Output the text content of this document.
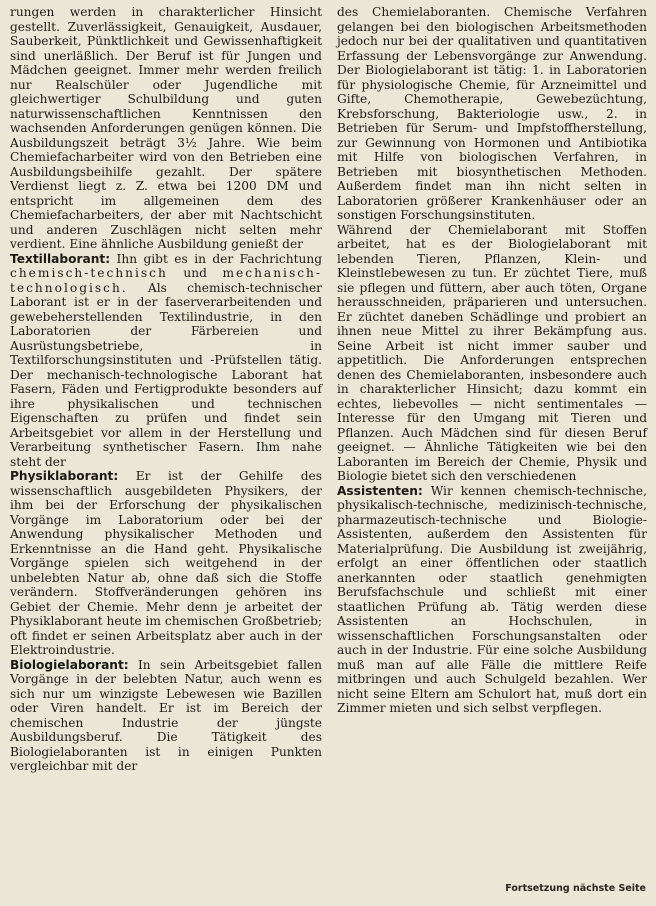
rungen werden in charakterlicher Hinsicht gestellt. Zuverlässigkeit, Genauigkeit, Ausdauer, Sauberkeit, Pünktlichkeit und Gewissenhaftigkeit sind unerläßlich. Der Beruf ist für Jungen und Mädchen geeignet. Immer mehr werden freilich nur Realschüler oder Jugendliche mit gleichwertiger Schulbildung und guten naturwissenschaftlichen Kenntnissen den wachsenden Anforderungen genügen können. Die Ausbildungszeit beträgt 3½ Jahre. Wie beim Chemiefacharbeiter wird von den Betrieben eine Ausbildungsbeihilfe gezahlt. Der spätere Verdienst liegt z. Z. etwa bei 1200 DM und entspricht im allgemeinen dem des Chemiefacharbeiters, der aber mit Nachtschicht und anderen Zuschlägen nicht selten mehr verdient. Eine ähnliche Ausbildung genießt der

Textillaborant: Ihn gibt es in der Fachrichtung chemisch-technisch und mechanisch-technologisch. Als chemisch-technischer Laborant ist er in der faserverarbeitenden und gewebeherstellenden Textilindustrie, in den Laboratorien der Färbereien und Ausrüstungsbetriebe, in Textilforschungsinstituten und -Prüfstellen tätig. Der mechanisch-technologische Laborant hat Fasern, Fäden und Fertigprodukte besonders auf ihre physikalischen und technischen Eigenschaften zu prüfen und findet sein Arbeitsgebiet vor allem in der Herstellung und Verarbeitung synthetischer Fasern. Ihm nahe steht der

Physiklaborant: Er ist der Gehilfe des wissenschaftlich ausgebildeten Physikers, der ihm bei der Erforschung der physikalischen Vorgänge im Laboratorium oder bei der Anwendung physikalischer Methoden und Erkenntnisse an die Hand geht. Physikalische Vorgänge spielen sich weitgehend in der unbelebten Natur ab, ohne daß sich die Stoffe verändern. Stoffveränderungen gehören ins Gebiet der Chemie. Mehr denn je arbeitet der Physiklaborant heute im chemischen Großbetrieb; oft findet er seinen Arbeitsplatz aber auch in der Elektroindustrie.

Biologielaborant: In sein Arbeitsgebiet fallen Vorgänge in der belebten Natur, auch wenn es sich nur um winzigste Lebewesen wie Bazillen oder Viren handelt. Er ist im Bereich der chemischen Industrie der jüngste Ausbildungsberuf. Die Tätigkeit des Biologielaboranten ist in einigen Punkten vergleichbar mit der

des Chemielaboranten. Chemische Verfahren gelangen bei den biologischen Arbeitsmethoden jedoch nur bei der qualitativen und quantitativen Erfassung der Lebensvorgänge zur Anwendung. Der Biologielaborant ist tätig: 1. in Laboratorien für physiologische Chemie, für Arzneimittel und Gifte, Chemotherapie, Gewebezüchtung, Krebsforschung, Bakteriologie usw., 2. in Betrieben für Serum- und Impfstoffherstellung, zur Gewinnung von Hormonen und Antibiotika mit Hilfe von biologischen Verfahren, in Betrieben mit biosynthetischen Methoden. Außerdem findet man ihn nicht selten in Laboratorien größerer Krankenhäuser oder an sonstigen Forschungsinstituten.

Während der Chemielaborant mit Stoffen arbeitet, hat es der Biologielaborant mit lebenden Tieren, Pflanzen, Klein- und Kleinstlebewesen zu tun. Er züchtet Tiere, muß sie pflegen und füttern, aber auch töten, Organe herausschneiden, präparieren und untersuchen. Er züchtet daneben Schädlinge und probiert an ihnen neue Mittel zu ihrer Bekämpfung aus. Seine Arbeit ist nicht immer sauber und appetitlich. Die Anforderungen entsprechen denen des Chemielaboranten, insbesondere auch in charakterlicher Hinsicht; dazu kommt ein echtes, liebevolles — nicht sentimentales — Interesse für den Umgang mit Tieren und Pflanzen. Auch Mädchen sind für diesen Beruf geeignet. — Ähnliche Tätigkeiten wie bei den Laboranten im Bereich der Chemie, Physik und Biologie bietet sich den verschiedenen

Assistenten: Wir kennen chemisch-technische, physikalisch-technische, medizinisch-technische, pharmazeutisch-technische und Biologie-Assistenten, außerdem den Assistenten für Materialprüfung. Die Ausbildung ist zweijährig, erfolgt an einer öffentlichen oder staatlich anerkannten oder staatlich genehmigten Berufsfachschule und schließt mit einer staatlichen Prüfung ab. Tätig werden diese Assistenten an Hochschulen, in wissenschaftlichen Forschungsanstalten oder auch in der Industrie. Für eine solche Ausbildung muß man auf alle Fälle die mittlere Reife mitbringen und auch Schulgeld bezahlen. Wer nicht seine Eltern am Schulort hat, muß dort ein Zimmer mieten und sich selbst verpflegen.

Fortsetzung nächste Seite
